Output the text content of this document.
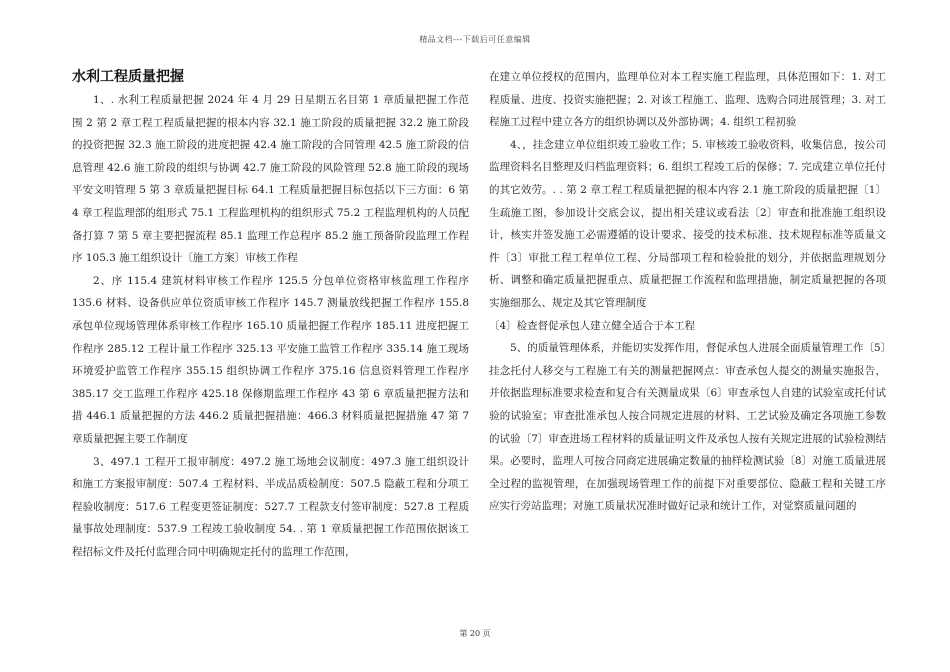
精品文档---下载后可任意编辑
水利工程质量把握

1、. 水利工程质量把握 2024 年 4 月 29 日星期五名目第 1 章质量把握工作范围 2 第 2 章工程工程质量把握的根本内容 32.1 施工阶段的质量把握 32.2 施工阶段的投资把握 32.3 施工阶段的进度把握 42.4 施工阶段的合同管理 42.5 施工阶段的信息管理 42.6 施工阶段的组织与协调 42.7 施工阶段的风险管理 52.8 施工阶段的现场平安文明管理 5 第 3 章质量把握目标 64.1 工程质量把握目标包括以下三方面：6 第 4 章工程监理部的组形式 75.1 工程监理机构的组织形式 75.2 工程监理机构的人员配备打算 7 第 5 章主要把握流程 85.1 监理工作总程序 85.2 施工预备阶段监理工作程序 105.3 施工组织设计〔施工方案〕审核工作程

2、序 115.4 建筑材料审核工作程序 125.5 分包单位资格审核监理工作程序 135.6 材料、设备供应单位资质审核工作程序 145.7 测量放线把握工作程序 155.8 承包单位现场管理体系审核工作程序 165.10 质量把握工作程序 185.11 进度把握工作程序 285.12 工程计量工作程序 325.13 平安施工监管工作程序 335.14 施工现场环境爱护监管工作程序 355.15 组织协调工作程序 375.16 信息资料管理工作程序 385.17 交工监理工作程序 425.18 保修期监理工作程序 43 第 6 章质量把握方法和措 446.1 质量把握的方法 446.2 质量把握措施：466.3 材料质量把握措施 47 第 7 章质量把握主要工作制度

3、497.1 工程开工报审制度：497.2 施工场地会议制度：497.3 施工组织设计和施工方案报审制度：507.4 工程材料、半成品质检制度：507.5 隐蔽工程和分项工程验收制度：517.6 工程变更签证制度：527.7 工程款支付签审制度：527.8 工程质量事故处理制度：537.9 工程竣工验收制度 54. . 第 1 章质量把握工作范围依据该工程招标文件及托付监理合同中明确规定托付的监理工作范围，

在建立单位授权的范围内，监理单位对本工程实施工程监理，具体范围如下：1. 对工程质量、进度、投资实施把握；2. 对该工程施工、监理、选购合同进展管理；3. 对工程施工过程中建立各方的组织协调以及外部协调；4. 组织工程初验

4、，挂念建立单位组织竣工验收工作；5. 审核竣工验收资料，收集信息，按公司监理资料名目整理及归档监理资料；6. 组织工程竣工后的保修；7. 完成建立单位托付的其它效劳。. . 第 2 章工程工程质量把握的根本内容 2.1 施工阶段的质量把握〔1〕生疏施工图，参加设计交底会议，提出相关建议或看法〔2〕审查和批准施工组织设计，核实并签发施工必需遵循的设计要求、接受的技术标准、技术规程标准等质量文件〔3〕审批工程工程单位工程、分局部项工程和检验批的划分，并依据监理规划分析、调整和确定质量把握重点、质量把握工作流程和监理措施，制定质量把握的各项实施细那么、规定及其它管理制度

〔4〕检查督促承包人建立健全适合于本工程

5、的质量管理体系，并能切实发挥作用，督促承包人进展全面质量管理工作〔5〕挂念托付人移交与工程施工有关的测量把握网点：审查承包人提交的测量实施报告，并依据监理标准要求检查和复合有关测量成果〔6〕审查承包人自建的试验室或托付试验的试验室；审查批准承包人按合同规定进展的材料、工艺试验及确定各项施工参数的试验〔7〕审查进场工程材料的质量证明文件及承包人按有关规定进展的试验检测结果。必要时，监理人可按合同商定进展确定数量的抽样检测试验〔8〕对施工质量进展全过程的监视管理，在加强现场管理工作的前提下对重要部位、隐蔽工程和关键工序应实行旁站监理；对施工质量状况准时做好记录和统计工作，对觉察质量问题的

第 20 页
